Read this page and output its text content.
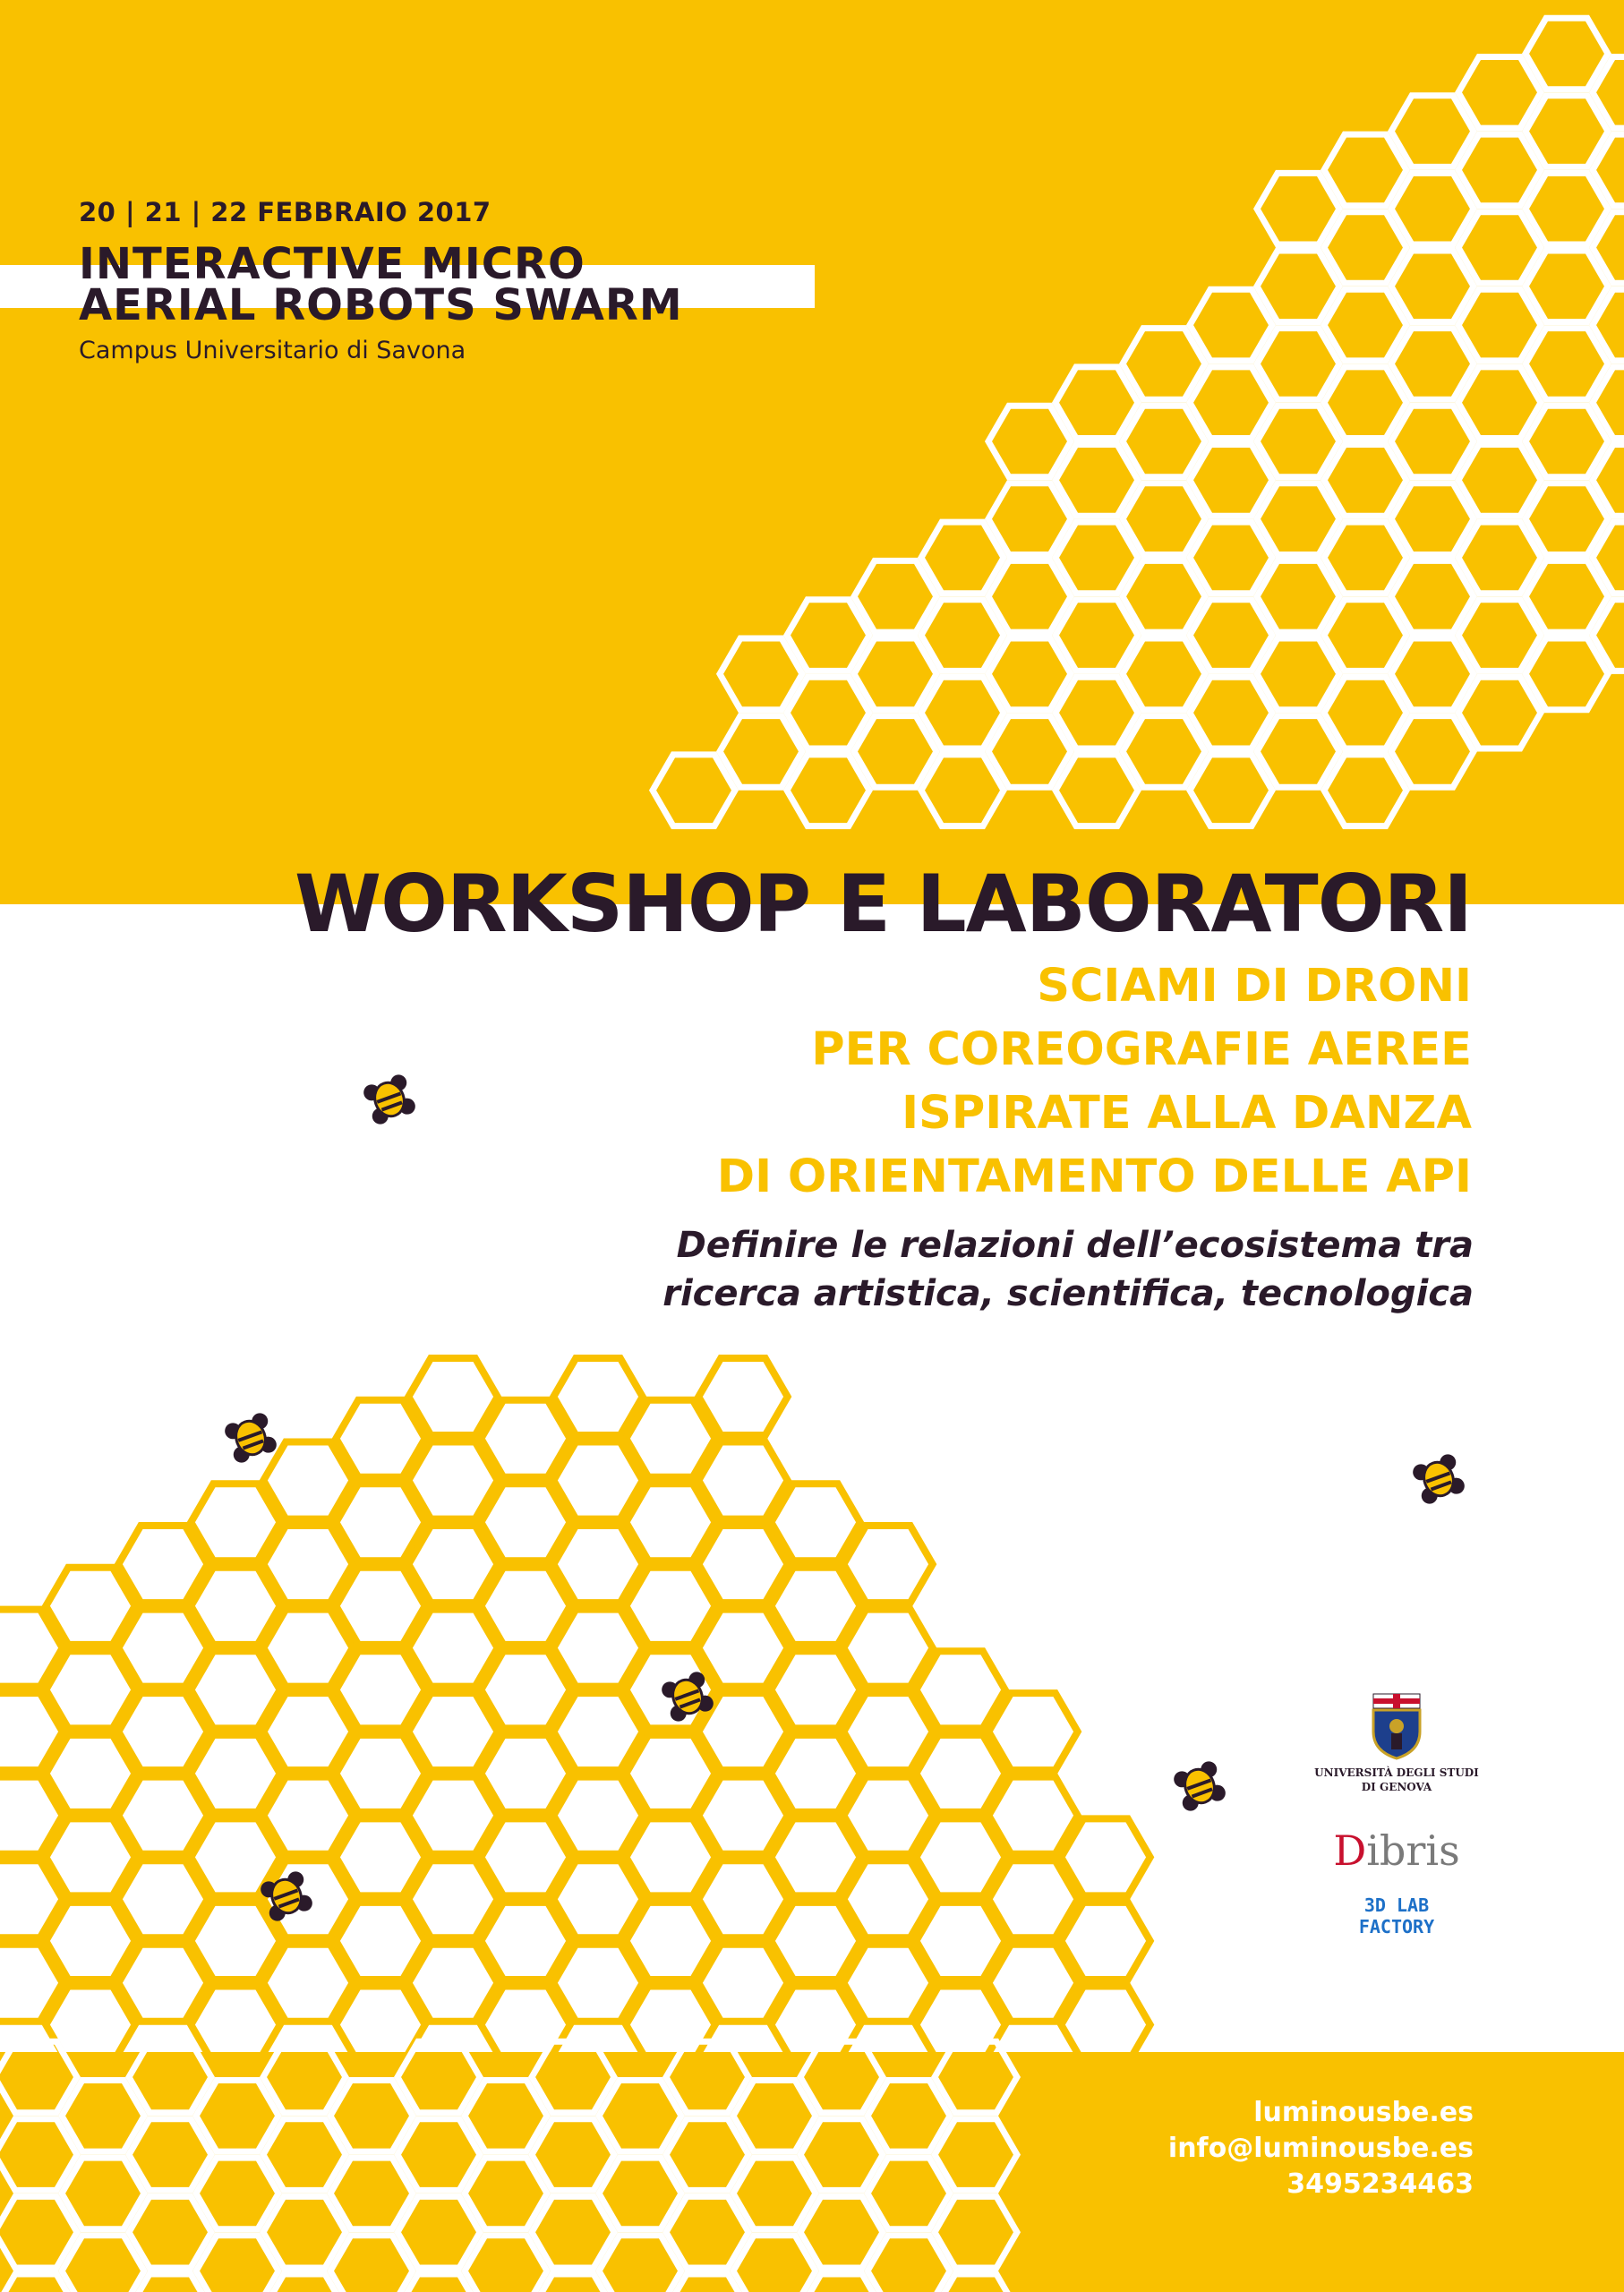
20 | 21 | 22 FEBBRAIO 2017

INTERACTIVE MICRO
AERIAL ROBOTS SWARM

Campus Universitario di Savona

WORKSHOP E LABORATORI
SCIAMI DI DRONI
PER COREOGRAFIE AEREE
ISPIRATE ALLA DANZA
DI ORIENTAMENTO DELLE API
Definire le relazioni dell’ecosistema tra
ricerca artistica, scientifica, tecnologica
UNIVERSITÀ DEGLI STUDI
DI GENOVA
Dibris
3D LAB
FACTORY
luminousbe.es
info@luminousbe.es
3495234463
